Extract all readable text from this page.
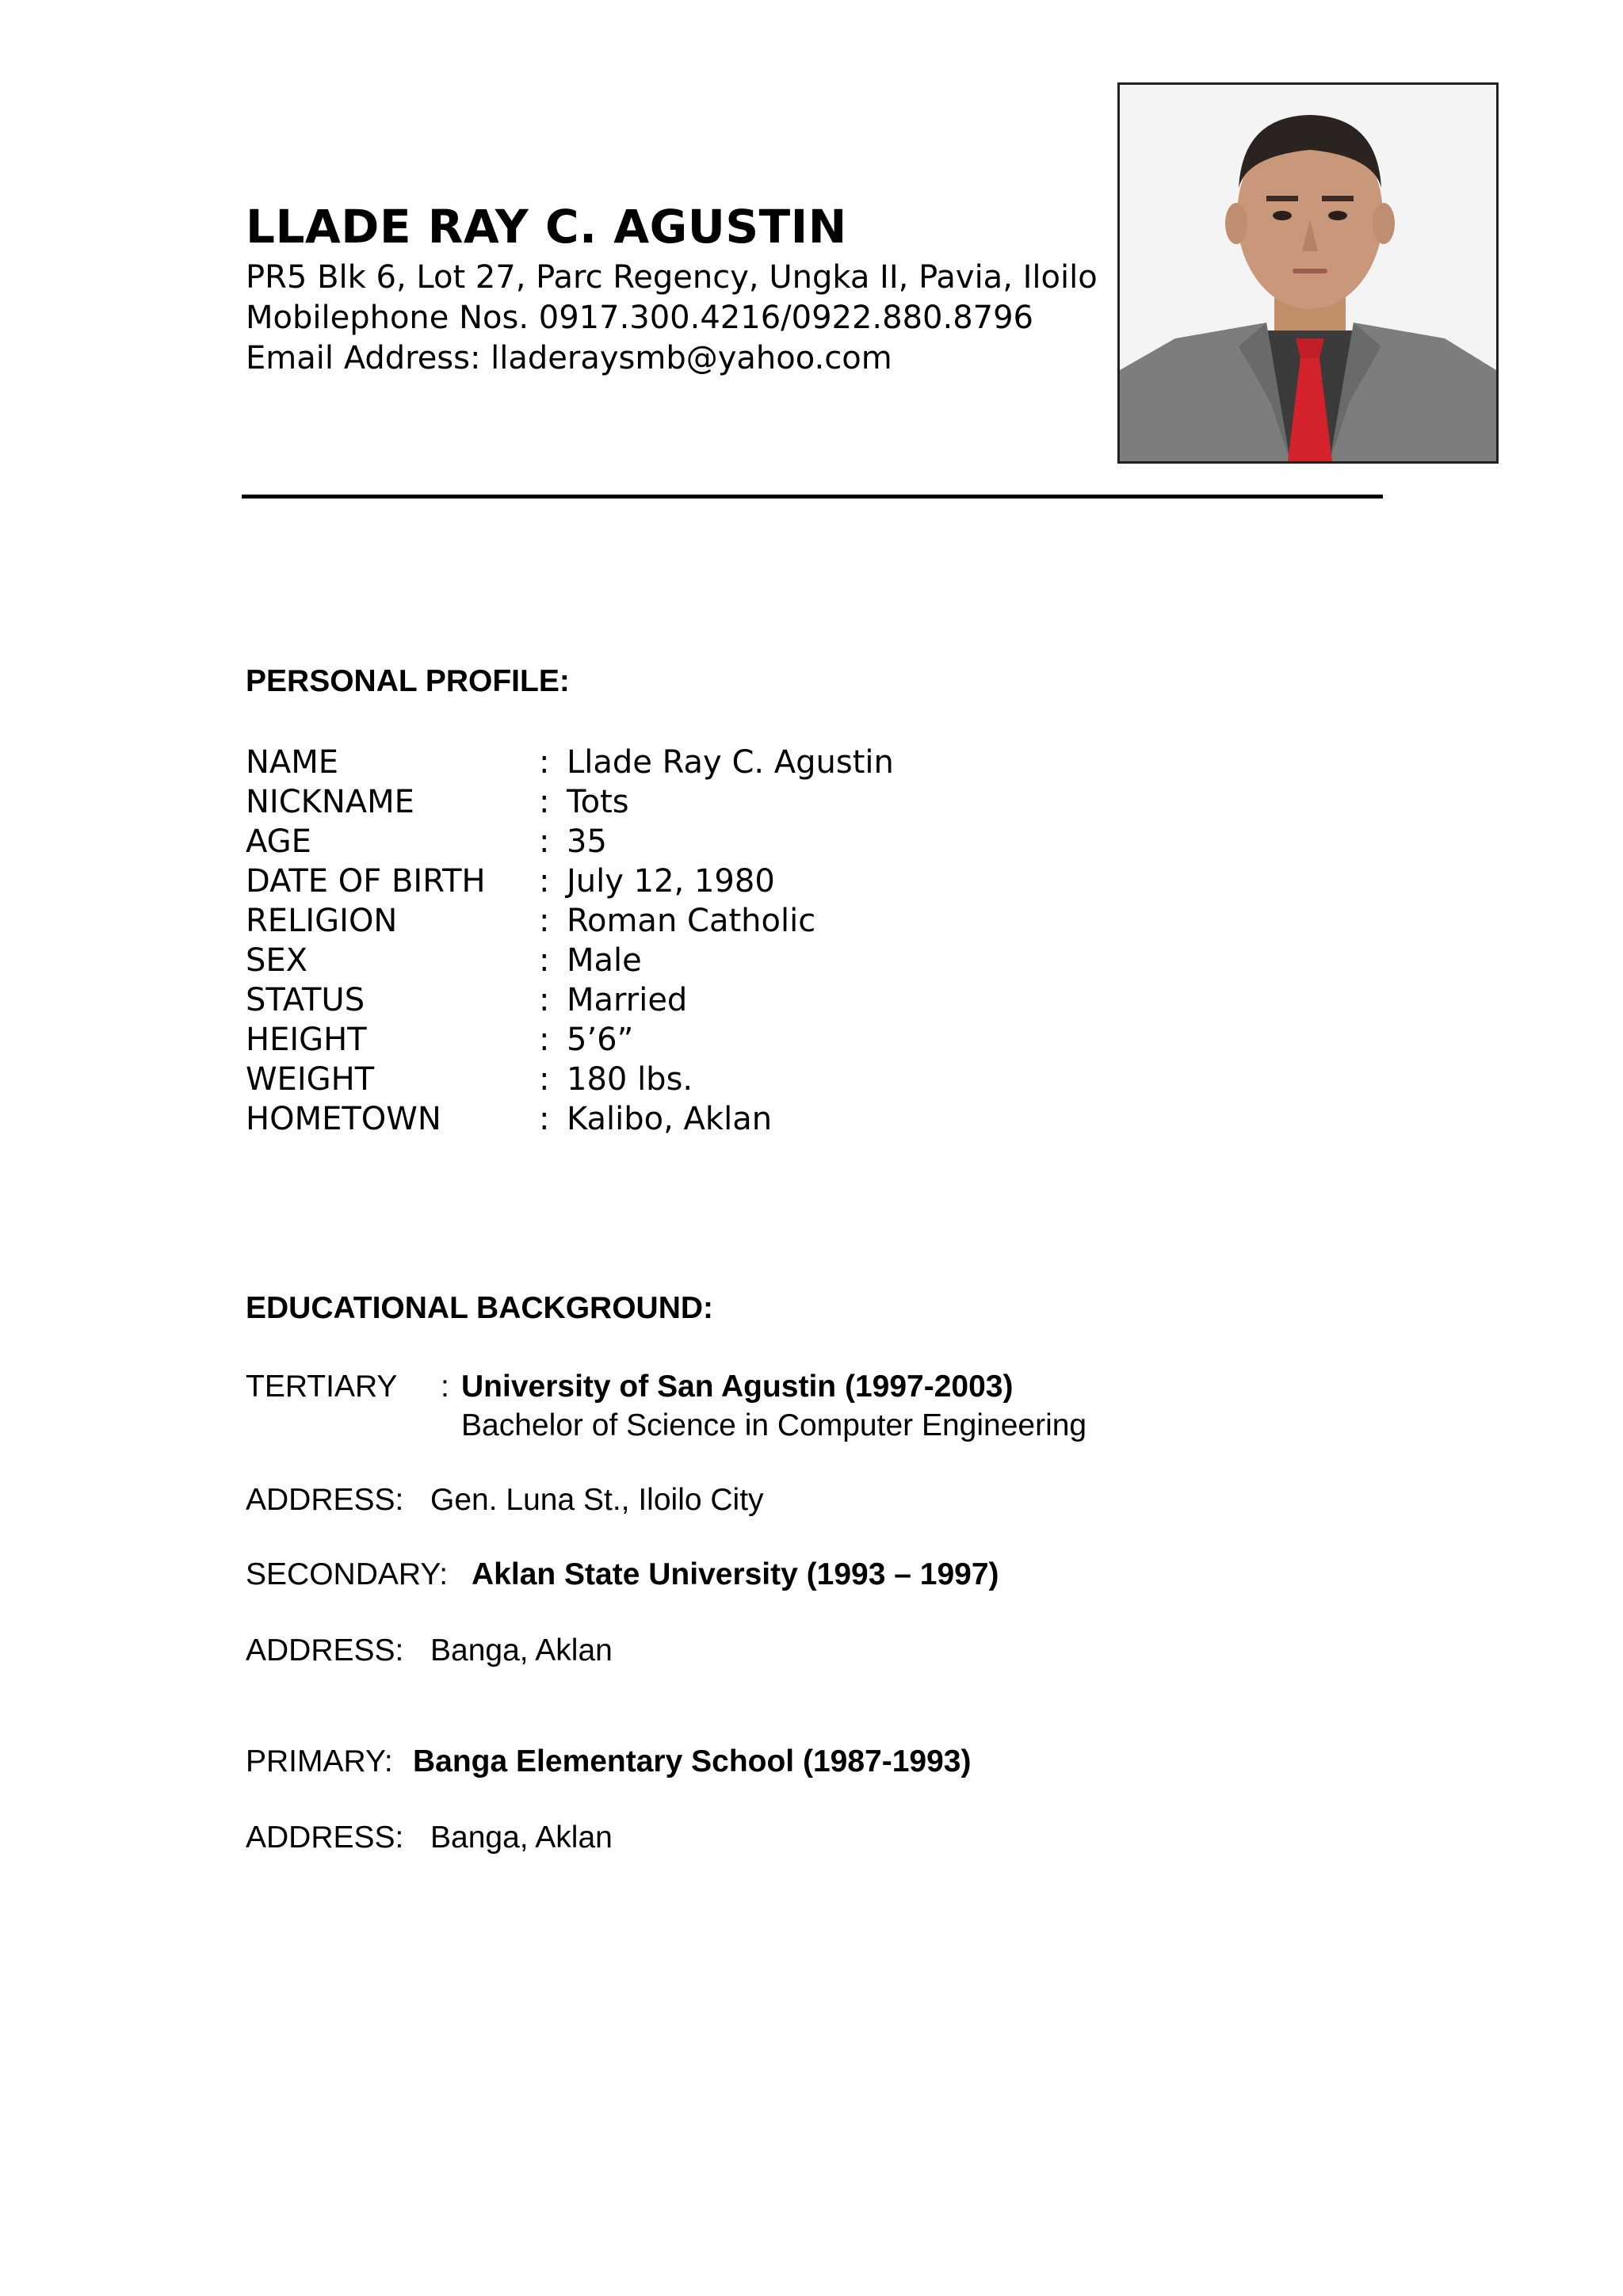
LLADE RAY C. AGUSTIN
PR5 Blk 6, Lot 27, Parc Regency, Ungka II, Pavia, Iloilo
Mobilephone Nos. 0917.300.4216/0922.880.8796
Email Address: lladeraysmb@yahoo.com
PERSONAL PROFILE:
NAME	: Llade Ray C. Agustin
NICKNAME	: Tots
AGE	: 35
DATE OF BIRTH : July 12, 1980
RELIGION	: Roman Catholic
SEX	: Male
STATUS	: Married
HEIGHT	: 5’6”
WEIGHT	: 180 lbs.
HOMETOWN	: Kalibo, Aklan
EDUCATIONAL BACKGROUND:
TERTIARY : University of San Agustin (1997-2003)
Bachelor of Science in Computer Engineering
ADDRESS: Gen. Luna St., Iloilo City
SECONDARY: Aklan State University (1993 – 1997)
ADDRESS: Banga, Aklan
PRIMARY: Banga Elementary School (1987-1993)
ADDRESS: Banga, Aklan
